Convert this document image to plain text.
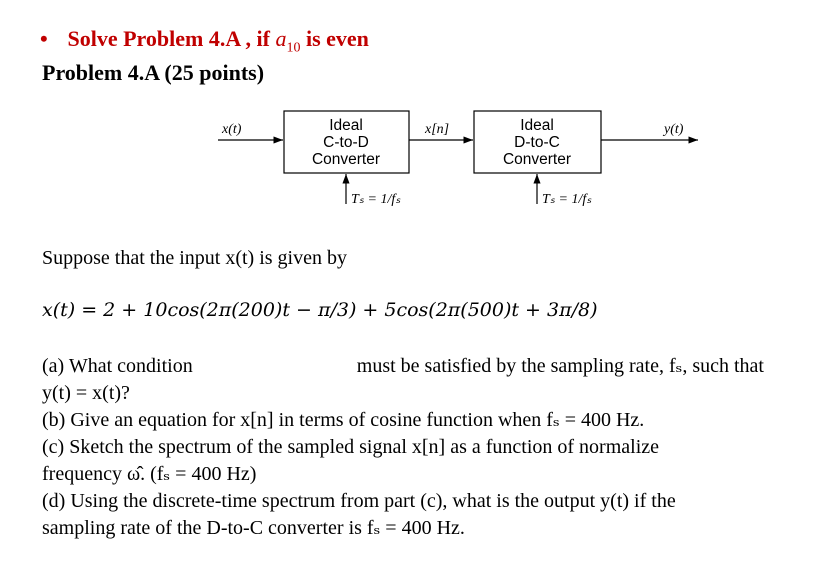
• Solve Problem 4.A , if $a_{10}$ is even
Problem 4.A (25 points)
x(t)	Ideal
C-to-D
Converter
x[n]	Ideal
D-to-C
Converter
y(t)
Tₛ = 1/fₛ	Tₛ = 1/fₛ
Suppose that the input x(t) is given by
x(t) = 2 + 10cos(2π(200)t − π/3) + 5cos(2π(500)t + 3π/8)
(a) What condition	must be satisfied by the sampling rate, fₛ, such that
y(t) = x(t)?
(b) Give an equation for x[n] in terms of cosine function when fₛ = 400 Hz.
(c) Sketch the spectrum of the sampled signal x[n] as a function of normalize
frequency ω̂. (fₛ = 400 Hz)
(d) Using the discrete-time spectrum from part (c), what is the output y(t) if the
sampling rate of the D-to-C converter is fₛ = 400 Hz.
